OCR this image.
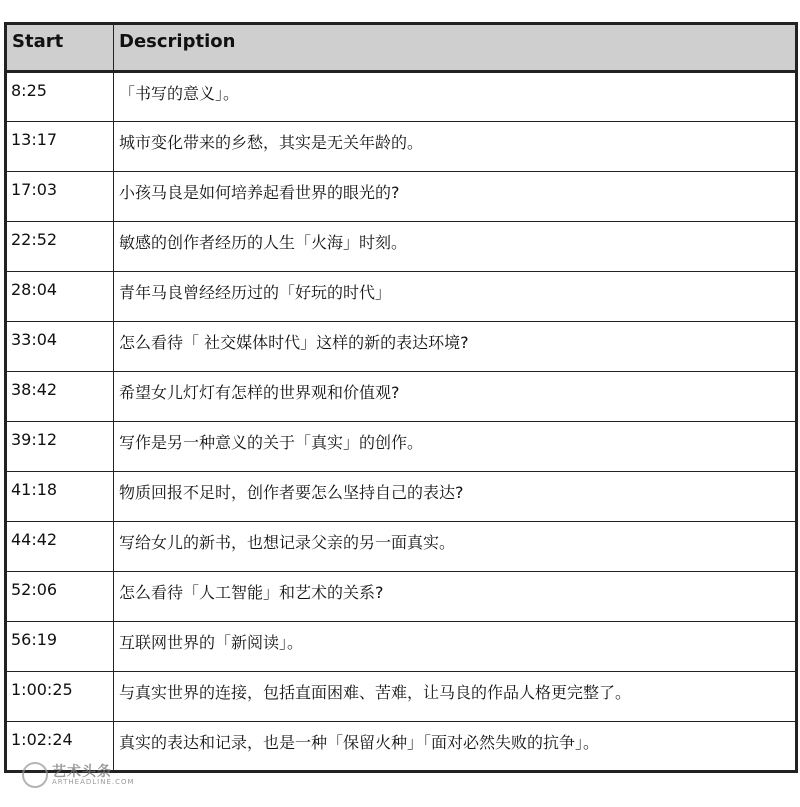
Start	Description
8:25	「书写的意义」。
13:17	城市变化带来的乡愁，其实是无关年龄的。
17:03	小孩马良是如何培养起看世界的眼光的?
22:52	敏感的创作者经历的人生「火海」时刻。
28:04	青年马良曾经经历过的「好玩的时代」
33:04	怎么看待「 社交媒体时代」这样的新的表达环境?
38:42	希望女儿灯灯有怎样的世界观和价值观?
39:12	写作是另一种意义的关于「真实」的创作。
41:18	物质回报不足时，创作者要怎么坚持自己的表达?
44:42	写给女儿的新书，也想记录父亲的另一面真实。
52:06	怎么看待「人工智能」和艺术的关系?
56:19	互联网世界的「新阅读」。
1:00:25	与真实世界的连接，包括直面困难、苦难，让马良的作品人格更完整了。
1:02:24	真实的表达和记录，也是一种「保留火种」「面对必然失败的抗争」。
艺术头条
ARTHEADLINE.COM
